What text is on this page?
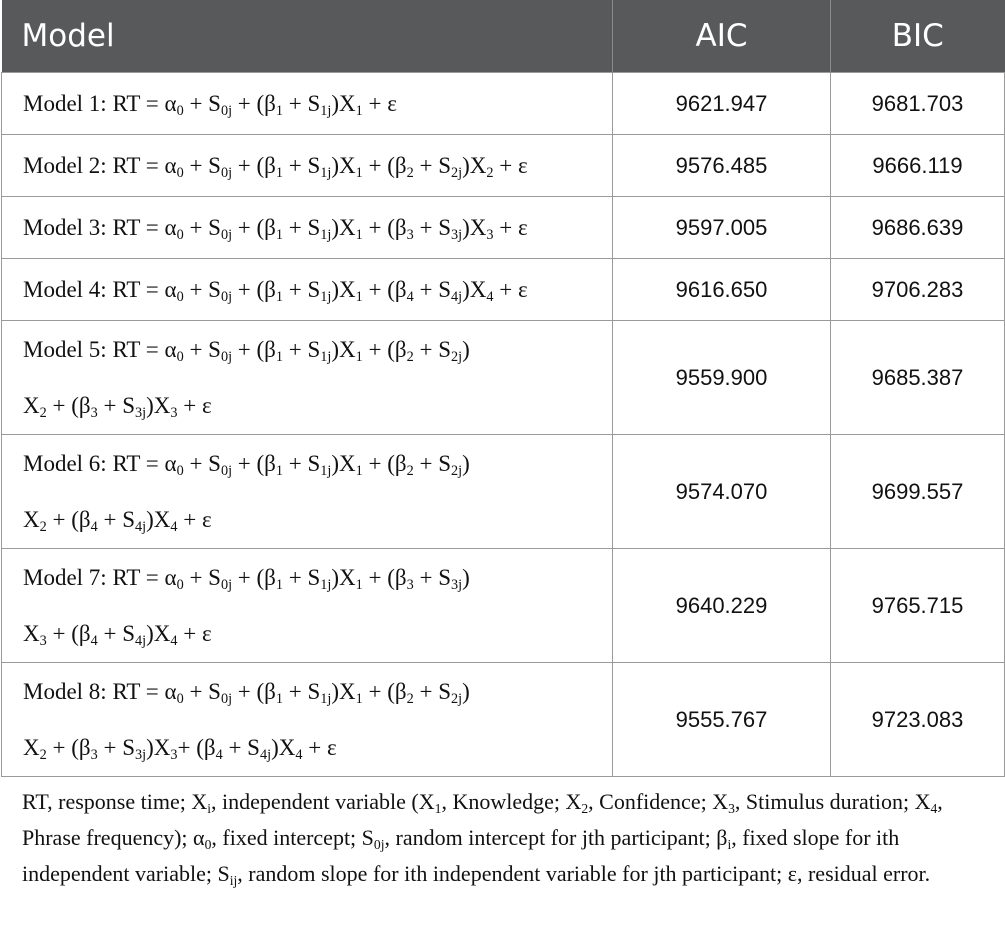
Model	AIC	BIC

Model 1: RT = $\alpha_0 + S_{0j} + (\beta_1 + S_{1j})X_1 + \varepsilon$	9621.947	9681.703

Model 2: RT = $\alpha_0 + S_{0j} + (\beta_1 + S_{1j})X_1 + (\beta_2 + S_{2j})X_2 + \varepsilon$	9576.485	9666.119

Model 3: RT = $\alpha_0 + S_{0j} + (\beta_1 + S_{1j})X_1 + (\beta_3 + S_{3j})X_3 + \varepsilon$	9597.005	9686.639

Model 4: RT = $\alpha_0 + S_{0j} + (\beta_1 + S_{1j})X_1 + (\beta_4 + S_{4j})X_4 + \varepsilon$	9616.650	9706.283

Model 5: RT = $\alpha_0 + S_{0j} + (\beta_1 + S_{1j})X_1 + (\beta_2 + S_{2j})$
$X_2 + (\beta_3 + S_{3j})X_3 + \varepsilon$	9559.900	9685.387

Model 6: RT = $\alpha_0 + S_{0j} + (\beta_1 + S_{1j})X_1 + (\beta_2 + S_{2j})$
$X_2 + (\beta_4 + S_{4j})X_4 + \varepsilon$	9574.070	9699.557

Model 7: RT = $\alpha_0 + S_{0j} + (\beta_1 + S_{1j})X_1 + (\beta_3 + S_{3j})$
$X_3 + (\beta_4 + S_{4j})X_4 + \varepsilon$	9640.229	9765.715

Model 8: RT = $\alpha_0 + S_{0j} + (\beta_1 + S_{1j})X_1 + (\beta_2 + S_{2j})$
$X_2 + (\beta_3 + S_{3j})X_3+ (\beta_4 + S_{4j})X_4 + \varepsilon$	9555.767	9723.083
RT, response time; $X_i$, independent variable ($X_1$, Knowledge; $X_2$, Confidence; $X_3$, Stimulus duration; $X_4$, Phrase frequency); $\alpha_0$, fixed intercept; $S_{0j}$, random intercept for jth participant; $\beta_i$, fixed slope for ith independent variable; $S_{ij}$, random slope for ith independent variable for jth participant; ε, residual error.
